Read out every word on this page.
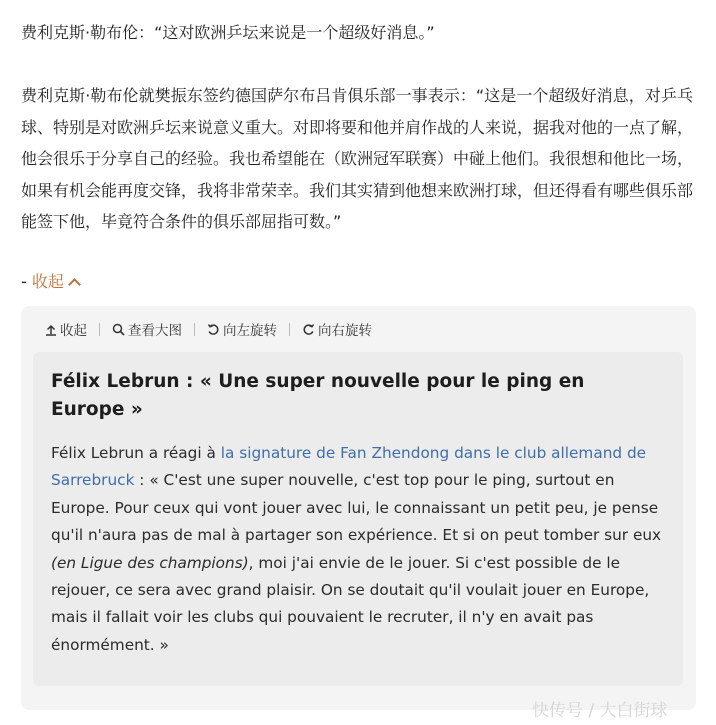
费利克斯·勒布伦：“这对欧洲乒坛来说是一个超级好消息。”
费利克斯·勒布伦就樊振东签约德国萨尔布吕肯俱乐部一事表示：“这是一个超级好消息，对乒乓球、特别是对欧洲乒坛来说意义重大。对即将要和他并肩作战的人来说，据我对他的一点了解，他会很乐于分享自己的经验。我也希望能在（欧洲冠军联赛）中碰上他们。我很想和他比一场，如果有机会能再度交锋，我将非常荣幸。我们其实猜到他想来欧洲打球，但还得看有哪些俱乐部能签下他，毕竟符合条件的俱乐部屈指可数。”
- 收起
收起	查看大图	向左旋转	向右旋转
Félix Lebrun : « Une super nouvelle pour le ping en Europe »
Félix Lebrun a réagi à la signature de Fan Zhendong dans le club allemand de Sarrebruck : « C'est une super nouvelle, c'est top pour le ping, surtout en Europe. Pour ceux qui vont jouer avec lui, le connaissant un petit peu, je pense qu'il n'aura pas de mal à partager son expérience. Et si on peut tomber sur eux (en Ligue des champions), moi j'ai envie de le jouer. Si c'est possible de le rejouer, ce sera avec grand plaisir. On se doutait qu'il voulait jouer en Europe, mais il fallait voir les clubs qui pouvaient le recruter, il n'y en avait pas énormément. »
快传号 / 大白街球
